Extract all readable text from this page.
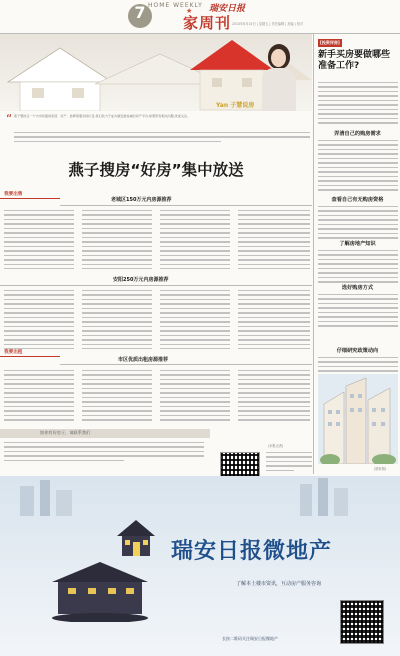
7 HOME WEEKLY
★ 瑞安日报
家周刊 2015年6月15日 | 星期五 | 责任编辑 | 美编 | 校对
Yan 子慧说房
“ 燕子慧担任一个为市民提供家居、房产、装修等服务的栏目,我们致力于成为瑞安最权威的房产平台,如果您有相关问题,欢迎关注。
燕子搜房“好房”集中放送
我要出售
老城区150万元内房源推荐
安阳250万元内房源推荐
我要出租
市区优质出租房源推荐
(本报记者)
如你有好房子，请联系我们
[投资评房]
新手买房要做哪些准备工作?
弄清自己的购房需求
查看自己有无购房资格
了解房地产知识
选好购房方式
仔细研究政策动向
(资料图)
瑞安日报微地产
了解本土楼市资讯，互动房产服务咨询
长按二维码关注瑞安日报微地产
